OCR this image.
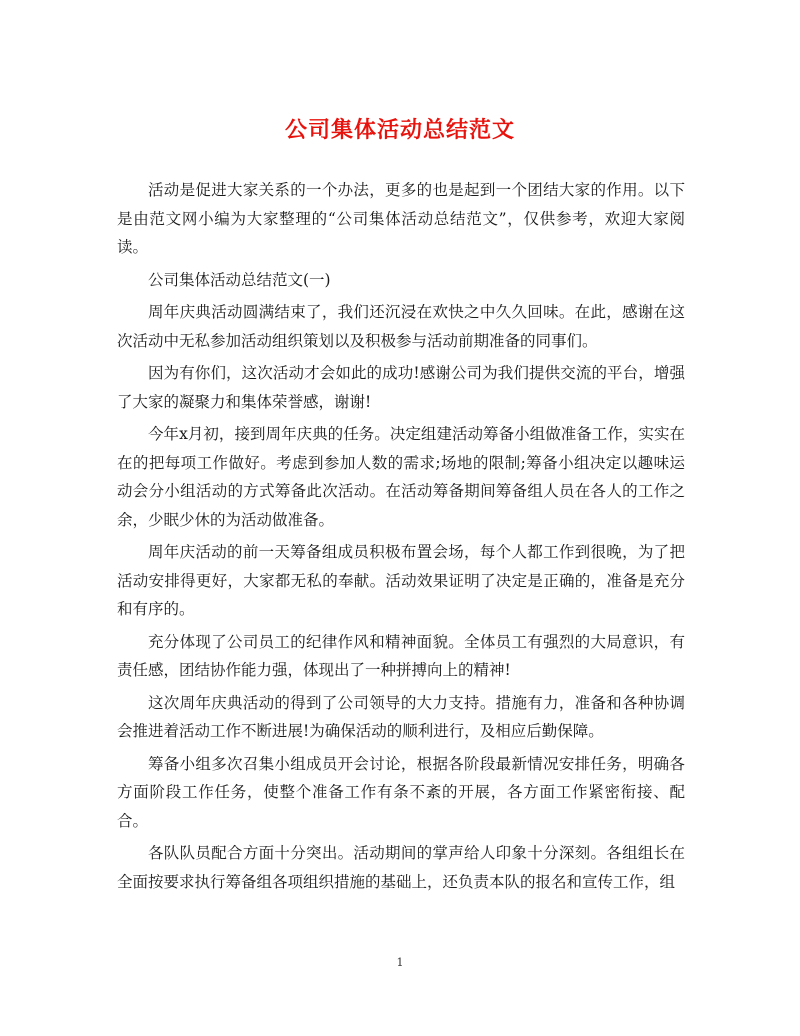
公司集体活动总结范文

活动是促进大家关系的一个办法，更多的也是起到一个团结大家的作用。以下是由范文网小编为大家整理的“公司集体活动总结范文”，仅供参考，欢迎大家阅读。

公司集体活动总结范文(一)

周年庆典活动圆满结束了，我们还沉浸在欢快之中久久回味。在此，感谢在这次活动中无私参加活动组织策划以及积极参与活动前期准备的同事们。

因为有你们，这次活动才会如此的成功!感谢公司为我们提供交流的平台，增强了大家的凝聚力和集体荣誉感，谢谢!

今年x月初，接到周年庆典的任务。决定组建活动筹备小组做准备工作，实实在在的把每项工作做好。考虑到参加人数的需求;场地的限制;筹备小组决定以趣味运动会分小组活动的方式筹备此次活动。在活动筹备期间筹备组人员在各人的工作之余，少眠少休的为活动做准备。

周年庆活动的前一天筹备组成员积极布置会场，每个人都工作到很晚，为了把活动安排得更好，大家都无私的奉献。活动效果证明了决定是正确的，准备是充分和有序的。

充分体现了公司员工的纪律作风和精神面貌。全体员工有强烈的大局意识，有责任感，团结协作能力强，体现出了一种拼搏向上的精神!

这次周年庆典活动的得到了公司领导的大力支持。措施有力，准备和各种协调会推进着活动工作不断进展!为确保活动的顺利进行，及相应后勤保障。

筹备小组多次召集小组成员开会讨论，根据各阶段最新情况安排任务，明确各方面阶段工作任务，使整个准备工作有条不紊的开展，各方面工作紧密衔接、配合。

各队队员配合方面十分突出。活动期间的掌声给人印象十分深刻。各组组长在全面按要求执行筹备组各项组织措施的基础上，还负责本队的报名和宣传工作，组

1
